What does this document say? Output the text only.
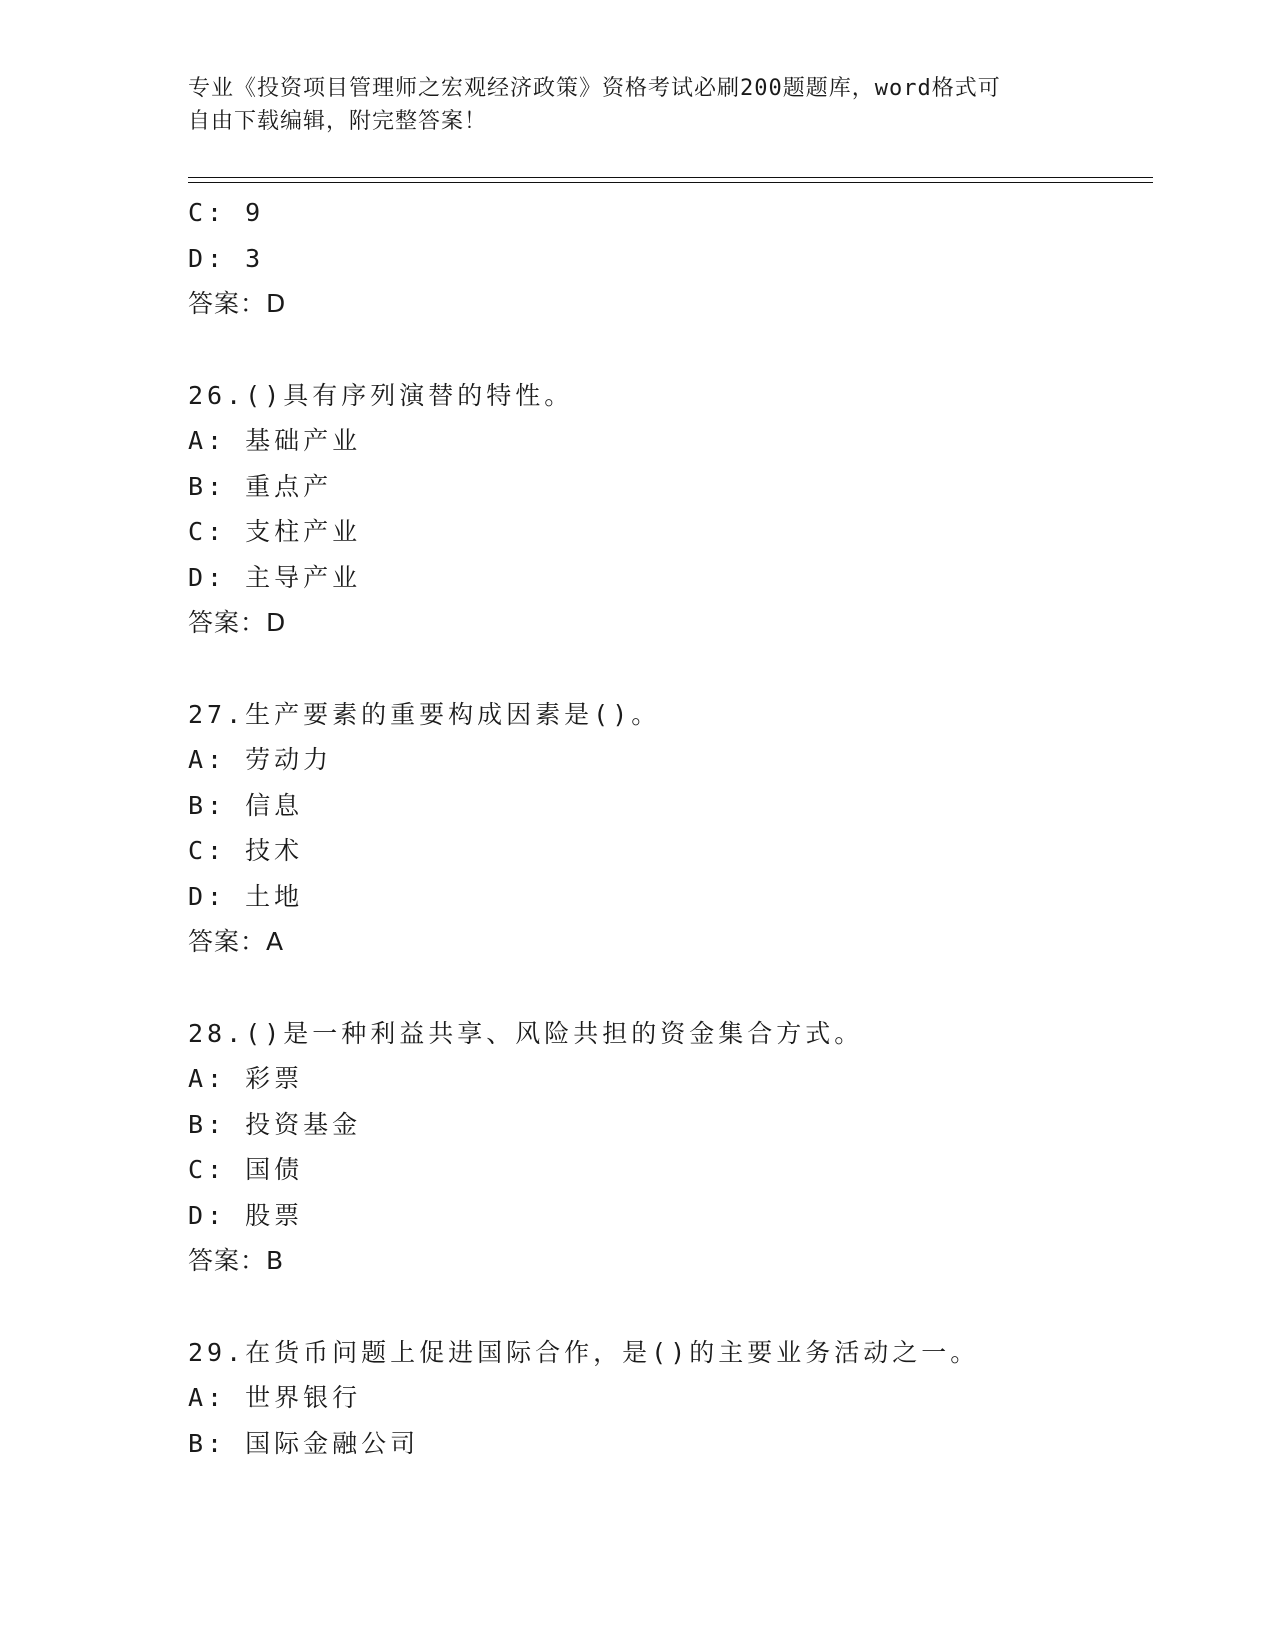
专业《投资项目管理师之宏观经济政策》资格考试必刷200题题库，word格式可
自由下载编辑，附完整答案！
C: 9
D: 3
答案：D
26.()具有序列演替的特性。
A: 基础产业
B: 重点产
C: 支柱产业
D: 主导产业
答案：D
27.生产要素的重要构成因素是()。
A: 劳动力
B: 信息
C: 技术
D: 土地
答案：A
28.()是一种利益共享、风险共担的资金集合方式。
A: 彩票
B: 投资基金
C: 国债
D: 股票
答案：B
29.在货币问题上促进国际合作，是()的主要业务活动之一。
A: 世界银行
B: 国际金融公司
